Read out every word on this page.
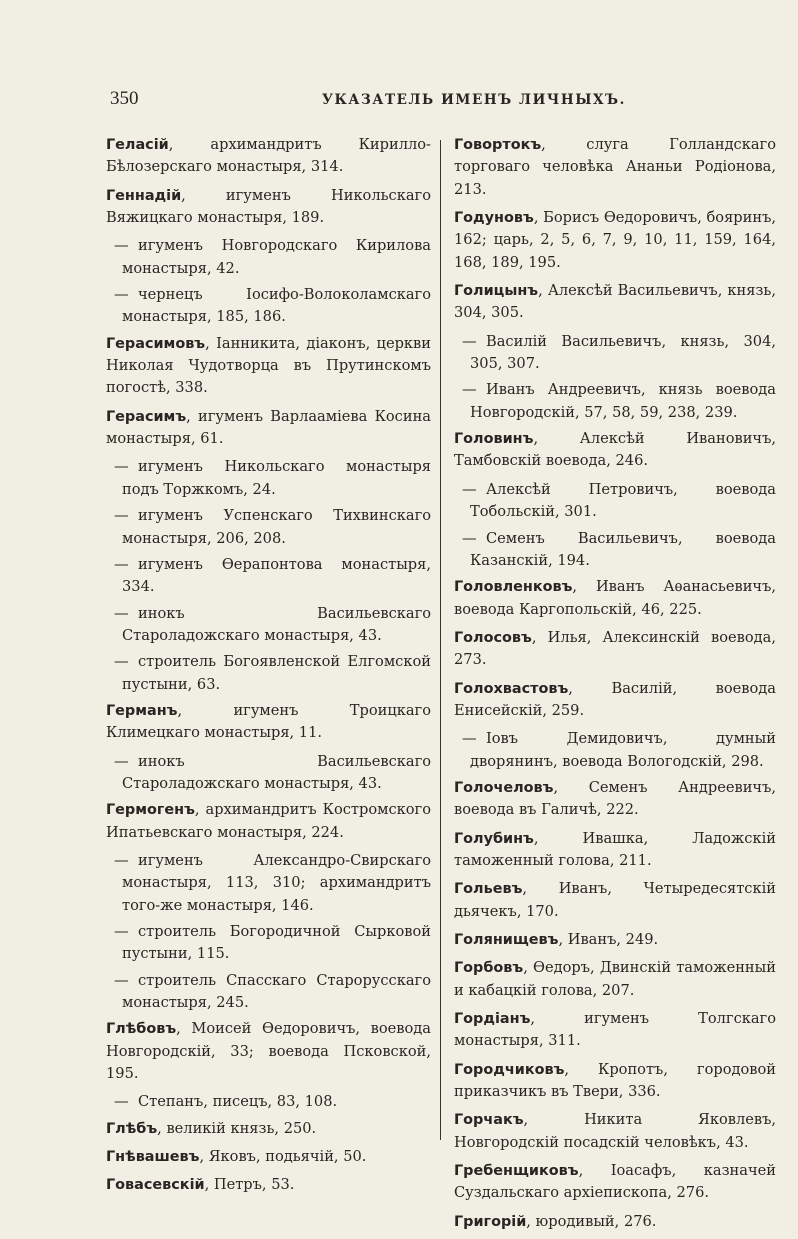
350	УКАЗАТЕЛЬ ИМЕНЪ ЛИЧНЫХЪ.
Геласій, архимандритъ Кирилло-Бѣлозерскаго монастыря, 314.
Геннадій, игуменъ Никольскаго Вяжицкаго монастыря, 189.
— игуменъ Новгородскаго Кирилова монастыря, 42.
— чернецъ Іосифо-Волоколамскаго монастыря, 185, 186.
Герасимовъ, Іанникита, діаконъ, церкви Николая Чудотворца въ Прутинскомъ погостѣ, 338.
Герасимъ, игуменъ Варлааміева Косина монастыря, 61.
— игуменъ Никольскаго монастыря подъ Торжкомъ, 24.
— игуменъ Успенскаго Тихвинскаго монастыря, 206, 208.
— игуменъ Ѳерапонтова монастыря, 334.
— инокъ Васильевскаго Староладожскаго монастыря, 43.
— строитель Богоявленской Елгомской пустыни, 63.
Германъ, игуменъ Троицкаго Климецкаго монастыря, 11.
— инокъ Васильевскаго Староладожскаго монастыря, 43.
Гермогенъ, архимандритъ Костромского Ипатьевскаго монастыря, 224.
— игуменъ Александро-Свирскаго монастыря, 113, 310; архимандритъ того-же монастыря, 146.
— строитель Богородичной Сырковой пустыни, 115.
— строитель Спасскаго Старорусскаго монастыря, 245.
Глѣбовъ, Моисей Ѳедоровичъ, воевода Новгородскій, 33; воевода Псковской, 195.
— Степанъ, писецъ, 83, 108.
Глѣбъ, великій князь, 250.
Гнѣвашевъ, Яковъ, подьячій, 50.
Говасевскій, Петръ, 53.
Говортокъ, слуга Голландскаго торговаго человѣка Ананьи Родіонова, 213.
Годуновъ, Борисъ Ѳедоровичъ, бояринъ, 162; царь, 2, 5, 6, 7, 9, 10, 11, 159, 164, 168, 189, 195.
Голицынъ, Алексѣй Васильевичъ, князь, 304, 305.
— Василій Васильевичъ, князь, 304, 305, 307.
— Иванъ Андреевичъ, князь воевода Новгородскій, 57, 58, 59, 238, 239.
Головинъ, Алексѣй Ивановичъ, Тамбовскій воевода, 246.
— Алексѣй Петровичъ, воевода Тобольскій, 301.
— Семенъ Васильевичъ, воевода Казанскій, 194.
Головленковъ, Иванъ Аѳанасьевичъ, воевода Каргопольскій, 46, 225.
Голосовъ, Илья, Алексинскій воевода, 273.
Голохвастовъ, Василій, воевода Енисейскій, 259.
— Іовъ Демидовичъ, думный дворянинъ, воевода Вологодскій, 298.
Голочеловъ, Семенъ Андреевичъ, воевода въ Галичѣ, 222.
Голубинъ, Ивашка, Ладожскій таможенный голова, 211.
Гольевъ, Иванъ, Четыредесятскій дьячекъ, 170.
Голянищевъ, Иванъ, 249.
Горбовъ, Ѳедоръ, Двинскій таможенный и кабацкій голова, 207.
Гордіанъ, игуменъ Толгскаго монастыря, 311.
Городчиковъ, Кропотъ, городовой приказчикъ въ Твери, 336.
Горчакъ, Никита Яковлевъ, Новгородскій посадскій человѣкъ, 43.
Гребенщиковъ, Іоасафъ, казначей Суздальскаго архіепископа, 276.
Григорій, юродивый, 276.
